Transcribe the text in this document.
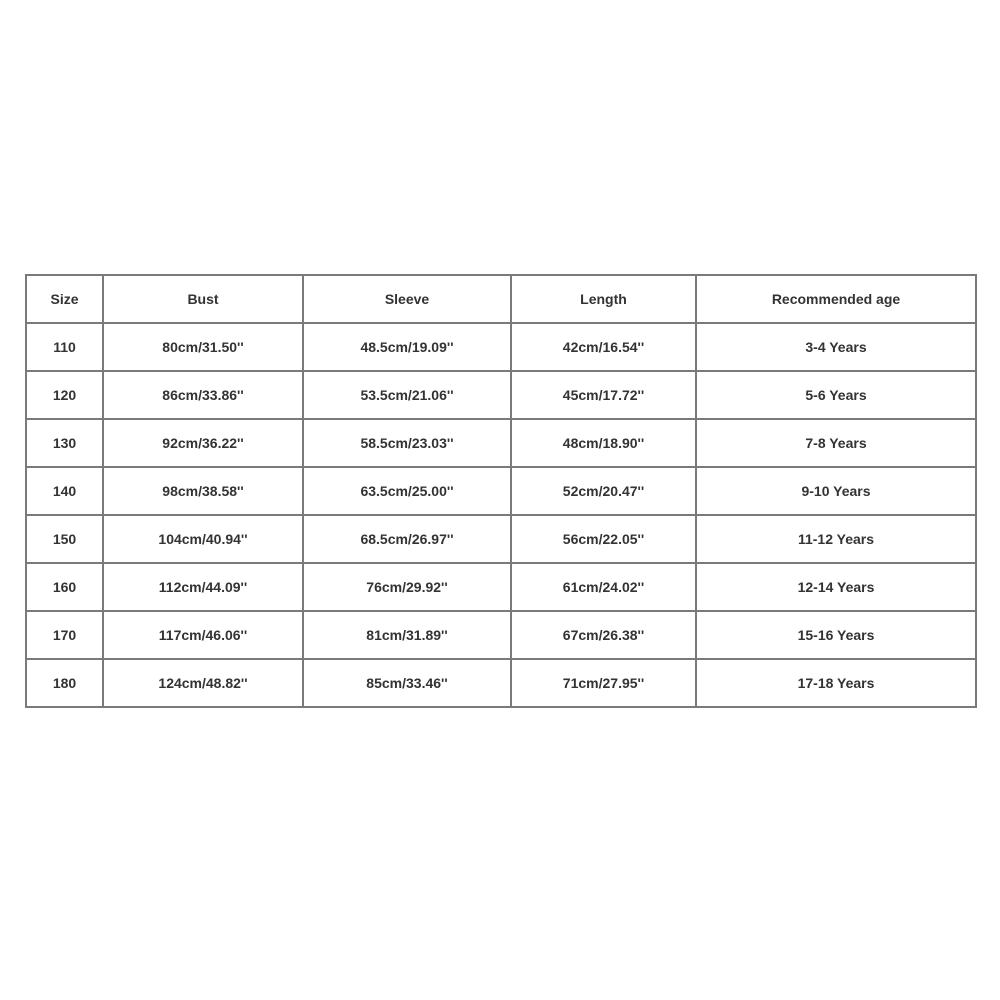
Size	Bust	Sleeve	Length	Recommended age
110	80cm/31.50''	48.5cm/19.09''	42cm/16.54''	3-4 Years
120	86cm/33.86''	53.5cm/21.06''	45cm/17.72''	5-6 Years
130	92cm/36.22''	58.5cm/23.03''	48cm/18.90''	7-8 Years
140	98cm/38.58''	63.5cm/25.00''	52cm/20.47''	9-10 Years
150	104cm/40.94''	68.5cm/26.97''	56cm/22.05''	11-12 Years
160	112cm/44.09''	76cm/29.92''	61cm/24.02''	12-14 Years
170	117cm/46.06''	81cm/31.89''	67cm/26.38''	15-16 Years
180	124cm/48.82''	85cm/33.46''	71cm/27.95''	17-18 Years
